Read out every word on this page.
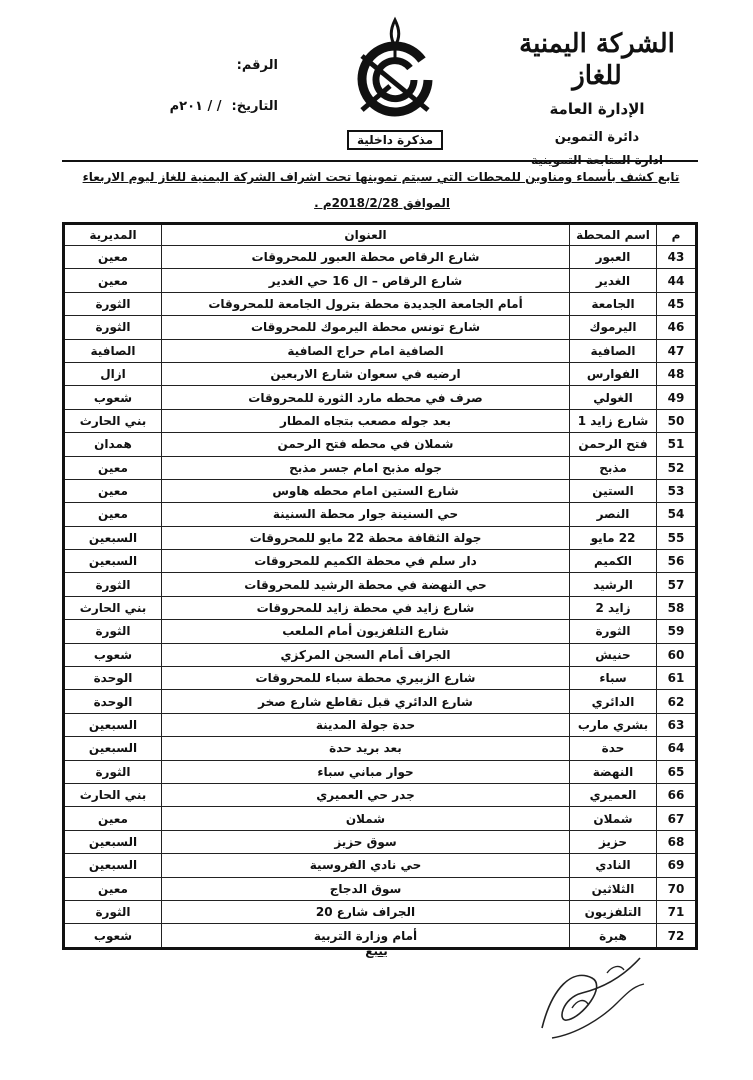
الشركة اليمنية للغاز
الإدارة العامة
دائرة التموين
ادارة المتابعة التموينية
مذكرة داخلية
الرقم:
التاريخ:
/ / ٢٠١م
تابع كشف بأسماء ومناوين للمحطات التي سيتم تموينها تحت اشراف الشركة اليمنية للغاز ليوم الاربعاء
الموافق 2018/2/28م .
م	اسم المحطة	العنوان	المديرية
43	العبور	شارع الرقاص محطة العبور للمحروقات	معين
44	الغدير	شارع الرقاص – ال 16 حي الغدير	معين
45	الجامعة	أمام الجامعة الجديدة محطة بترول الجامعة للمحروقات	الثورة
46	اليرموك	شارع تونس محطة اليرموك للمحروقات	الثورة
47	الصافية	الصافية امام حراج الصافية	الصافية
48	الفوارس	ارضيه في سعوان شارع الاربعين	ازال
49	الغولي	صرف في محطه مارد الثورة للمحروقات	شعوب
50	شارع زايد 1	بعد جوله مصعب بتجاه المطار	بني الحارث
51	فتح الرحمن	شملان في محطه فتح الرحمن	همدان
52	مذبح	جوله مذبح امام جسر مذبح	معين
53	الستين	شارع الستين امام محطه هاوس	معين
54	النصر	حي السنينة جوار محطة السنينة	معين
55	22 مايو	جولة الثقافة محطة 22 مايو للمحروقات	السبعين
56	الكميم	دار سلم في محطة الكميم للمحروقات	السبعين
57	الرشيد	حي النهضة في محطة الرشيد للمحروقات	الثورة
58	زايد 2	شارع زايد في محطة زايد للمحروقات	بني الحارث
59	الثورة	شارع التلفزيون أمام الملعب	الثورة
60	حنيش	الجراف أمام السجن المركزي	شعوب
61	سباء	شارع الزبيري محطة سباء للمحروقات	الوحدة
62	الدائري	شارع الدائري قبل تقاطع شارع صخر	الوحدة
63	بشري مارب	حدة جولة المدينة	السبعين
64	حدة	بعد بريد حدة	السبعين
65	النهضة	حوار مباني سباء	الثورة
66	العميري	جدر حي العميري	بني الحارث
67	شملان	شملان	معين
68	حزيز	سوق حزيز	السبعين
69	النادي	حي نادي الفروسية	السبعين
70	الثلاثين	سوق الدجاج	معين
71	التلفزيون	الجراف شارع 20	الثورة
72	هبرة	أمام وزارة التربية	شعوب
يتبع
